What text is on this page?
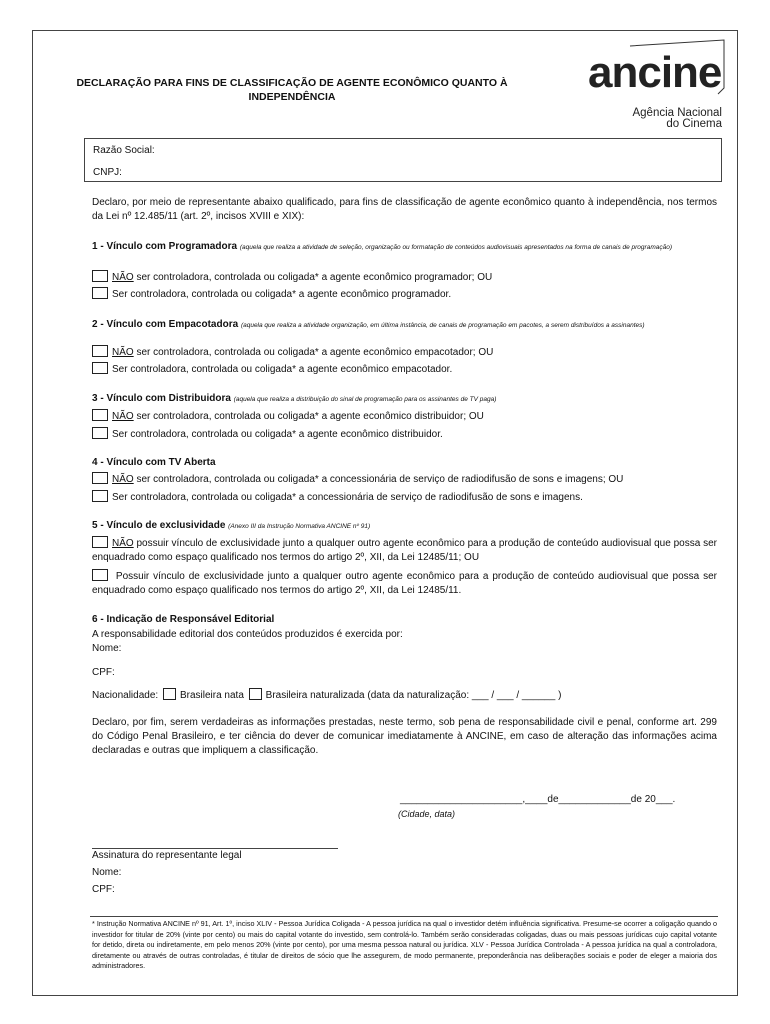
DECLARAÇÃO PARA FINS DE CLASSIFICAÇÃO DE AGENTE ECONÔMICO QUANTO À INDEPENDÊNCIA	ancine
Agência Nacional
do Cinema
Razão Social:
CNPJ:
Declaro, por meio de representante abaixo qualificado, para fins de classificação de agente econômico quanto à independência, nos termos da Lei nº 12.485/11 (art. 2º, incisos XVIII e XIX):
1 - Vínculo com Programadora (aquela que realiza a atividade de seleção, organização ou formatação de conteúdos audiovisuais apresentados na forma de canais de programação)
NÃO ser controladora, controlada ou coligada* a agente econômico programador; OU
Ser controladora, controlada ou coligada* a agente econômico programador.
2 - Vínculo com Empacotadora (aquela que realiza a atividade organização, em última instância, de canais de programação em pacotes, a serem distribuídos a assinantes)
NÃO ser controladora, controlada ou coligada* a agente econômico empacotador; OU
Ser controladora, controlada ou coligada* a agente econômico empacotador.
3 - Vínculo com Distribuidora (aquela que realiza a distribuição do sinal de programação para os assinantes de TV paga)
NÃO ser controladora, controlada ou coligada* a agente econômico distribuidor; OU
Ser controladora, controlada ou coligada* a agente econômico distribuidor.
4 - Vínculo com TV Aberta
NÃO ser controladora, controlada ou coligada* a concessionária de serviço de radiodifusão de sons e imagens; OU
Ser controladora, controlada ou coligada* a concessionária de serviço de radiodifusão de sons e imagens.
5 - Vínculo de exclusividade (Anexo III da Instrução Normativa ANCINE nº 91)
NÃO possuir vínculo de exclusividade junto a qualquer outro agente econômico para a produção de conteúdo audiovisual que possa ser enquadrado como espaço qualificado nos termos do artigo 2º, XII, da Lei 12485/11; OU
Possuir vínculo de exclusividade junto a qualquer outro agente econômico para a produção de conteúdo audiovisual que possa ser enquadrado como espaço qualificado nos termos do artigo 2º, XII, da Lei 12485/11.
6 - Indicação de Responsável Editorial
A responsabilidade editorial dos conteúdos produzidos é exercida por:
Nome:
CPF:
Nacionalidade: Brasileira nata Brasileira naturalizada (data da naturalização: ___ / ___ / ______ )
Declaro, por fim, serem verdadeiras as informações prestadas, neste termo, sob pena de responsabilidade civil e penal, conforme art. 299 do Código Penal Brasileiro, e ter ciência do dever de comunicar imediatamente à ANCINE, em caso de alteração das informações acima declaradas e outras que impliquem a classificação.
______________________,____de_____________de 20___.
(Cidade, data)
Assinatura do representante legal
Nome:
CPF:
* Instrução Normativa ANCINE nº 91, Art. 1º, inciso XLIV - Pessoa Jurídica Coligada - A pessoa jurídica na qual o investidor detém influência significativa. Presume-se ocorrer a coligação quando o investidor for titular de 20% (vinte por cento) ou mais do capital votante do investido, sem controlá-lo. Também serão consideradas coligadas, duas ou mais pessoas jurídicas cujo capital votante for detido, direta ou indiretamente, em pelo menos 20% (vinte por cento), por uma mesma pessoa natural ou jurídica. XLV - Pessoa Jurídica Controlada - A pessoa jurídica na qual a controladora, diretamente ou através de outras controladas, é titular de direitos de sócio que lhe assegurem, de modo permanente, preponderância nas deliberações sociais e poder de eleger a maioria dos administradores.
